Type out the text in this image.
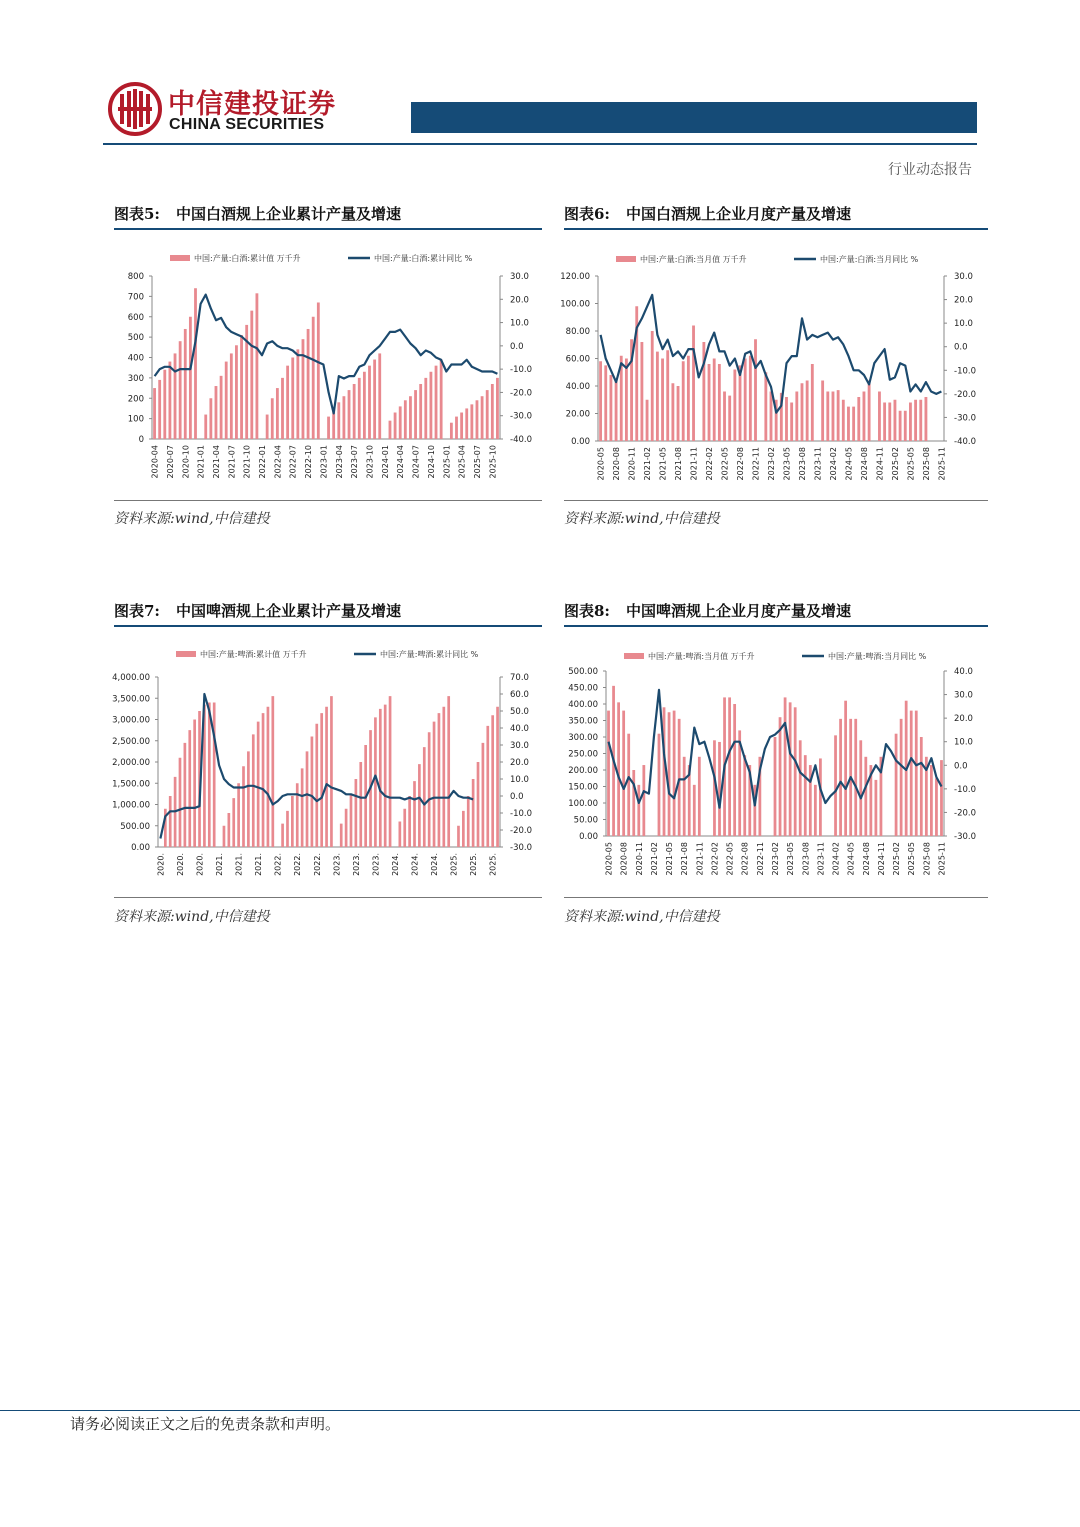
中信建投证券
CHINA SECURITIES
行业动态报告
图表5: 中国白酒规上企业累计产量及增速
资料来源:wind,中信建投
0
100
200
300
400
500
600
700
800
-40.0
-30.0
-20.0
-10.0
0.0
10.0
20.0
30.0
2020-04 2020-07 2020-10 2021-01 2021-04 2021-07 2021-10 2022-01 2022-04 2022-07 2022-10 2023-01 2023-04 2023-07 2023-10 2024-01 2024-04 2024-07 2024-10 2025-01 2025-04 2025-07 2025-10
中国:产量:白酒:累计值 万千升	中国:产量:白酒:累计同比 %
图表6: 中国白酒规上企业月度产量及增速
资料来源:wind,中信建投
0.00
20.00
40.00
60.00
80.00
100.00
120.00
-40.0
-30.0
-20.0
-10.0
0.0
10.0
20.0
30.0
2020-05 2020-08 2020-11 2021-02 2021-05 2021-08 2021-11 2022-02 2022-05 2022-08 2022-11 2023-02 2023-05 2023-08 2023-11 2024-02 2024-05 2024-08 2024-11 2025-02 2025-05 2025-08 2025-11
中国:产量:白酒:当月值 万千升	中国:产量:白酒:当月同比 %
图表7: 中国啤酒规上企业累计产量及增速
资料来源:wind,中信建投
0.00
500.00
1,000.00
1,500.00
2,000.00
2,500.00
3,000.00
3,500.00
4,000.00
-30.0
-20.0
-10.0
0.0
10.0
20.0
30.0
40.0
50.0
60.0
70.0
2020. 2020. 2020. 2021. 2021. 2021. 2022. 2022. 2022. 2023. 2023. 2023. 2024. 2024. 2024. 2025. 2025. 2025.
中国:产量:啤酒:累计值 万千升	中国:产量:啤酒:累计同比 %
图表8: 中国啤酒规上企业月度产量及增速
资料来源:wind,中信建投
0.00
50.00
100.00
150.00
200.00
250.00
300.00
350.00
400.00
450.00
500.00
-30.0
-20.0
-10.0
0.0
10.0
20.0
30.0
40.0
2020-05 2020-08 2020-11 2021-02 2021-05 2021-08 2021-11 2022-02 2022-05 2022-08 2022-11 2023-02 2023-05 2023-08 2023-11 2024-02 2024-05 2024-08 2024-11 2025-02 2025-05 2025-08 2025-11
中国:产量:啤酒:当月值 万千升	中国:产量:啤酒:当月同比 %
请务必阅读正文之后的免责条款和声明。
